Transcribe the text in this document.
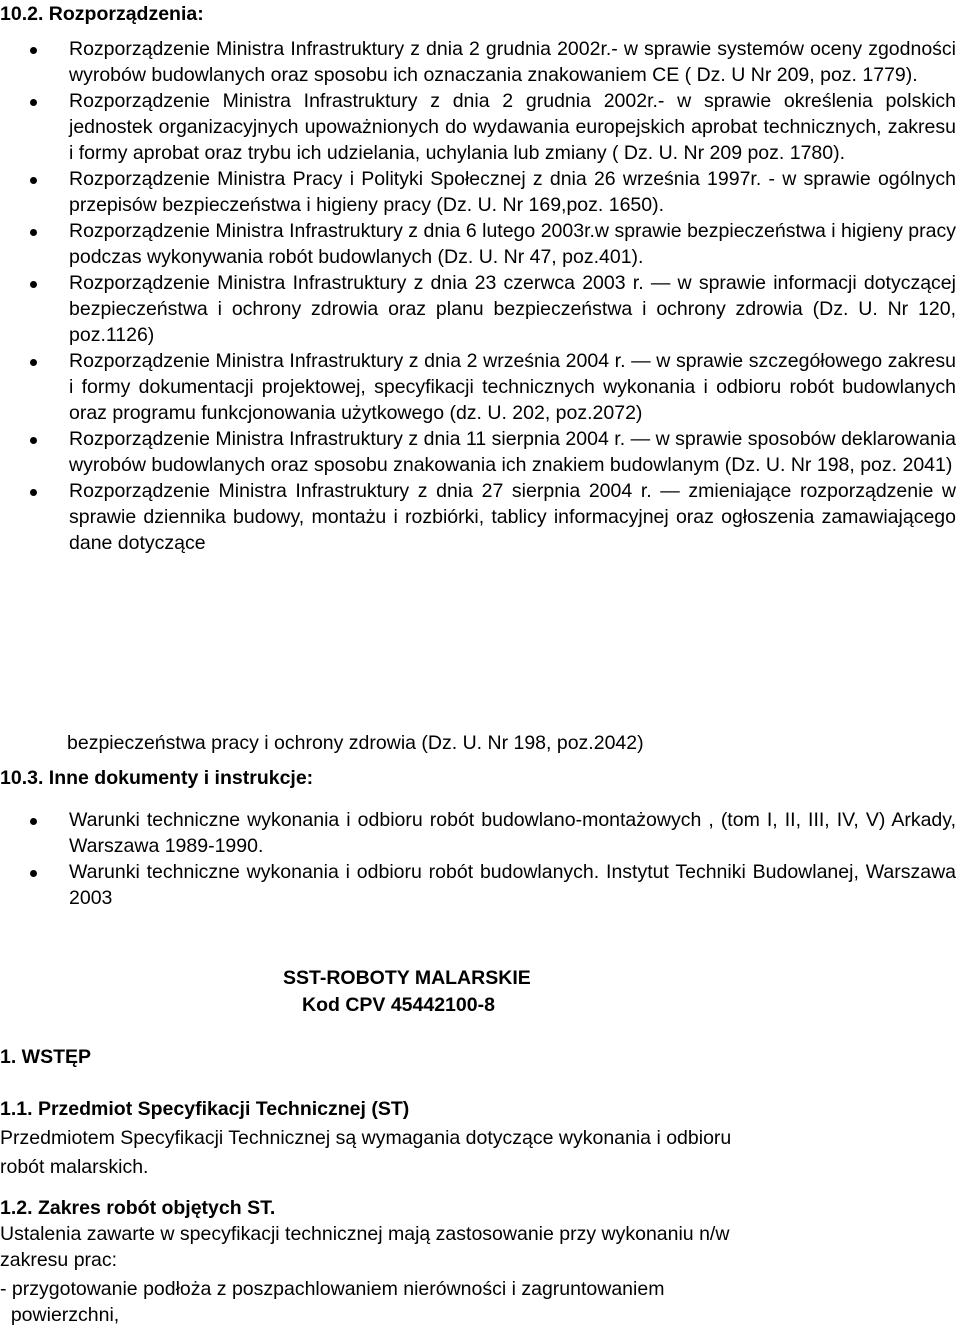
10.2. Rozporządzenia:
Rozporządzenie Ministra Infrastruktury z dnia 2 grudnia 2002r.- w sprawie systemów oceny zgodności wyrobów budowlanych oraz sposobu ich oznaczania znakowaniem CE ( Dz. U Nr 209, poz. 1779).
Rozporządzenie Ministra Infrastruktury z dnia 2 grudnia 2002r.- w sprawie określenia polskich jednostek organizacyjnych upoważnionych do wydawania europejskich aprobat technicznych, zakresu i formy aprobat oraz trybu ich udzielania, uchylania lub zmiany ( Dz. U. Nr 209 poz. 1780).
Rozporządzenie Ministra Pracy i Polityki Społecznej z dnia 26 września 1997r. - w sprawie ogólnych przepisów bezpieczeństwa i higieny pracy (Dz. U. Nr 169,poz. 1650).
Rozporządzenie Ministra Infrastruktury z dnia 6 lutego 2003r.w sprawie bezpieczeństwa i higieny pracy podczas wykonywania robót budowlanych (Dz. U. Nr 47, poz.401).
Rozporządzenie Ministra Infrastruktury z dnia 23 czerwca 2003 r. — w sprawie informacji dotyczącej bezpieczeństwa i ochrony zdrowia oraz planu bezpieczeństwa i ochrony zdrowia (Dz. U. Nr 120, poz.1126)
Rozporządzenie Ministra Infrastruktury z dnia 2 września 2004 r. — w sprawie szczegółowego zakresu i formy dokumentacji projektowej, specyfikacji technicznych wykonania i odbioru robót budowlanych oraz programu funkcjonowania użytkowego (dz. U. 202, poz.2072)
Rozporządzenie Ministra Infrastruktury z dnia 11 sierpnia 2004 r. — w sprawie sposobów deklarowania wyrobów budowlanych oraz sposobu znakowania ich znakiem budowlanym (Dz. U. Nr 198, poz. 2041)
Rozporządzenie Ministra Infrastruktury z dnia 27 sierpnia 2004 r. — zmieniające rozporządzenie w sprawie dziennika budowy, montażu i rozbiórki, tablicy informacyjnej oraz ogłoszenia zamawiającego dane dotyczące
bezpieczeństwa pracy i ochrony zdrowia (Dz. U. Nr 198, poz.2042)
10.3. Inne dokumenty i instrukcje:
Warunki techniczne wykonania i odbioru robót budowlano-montażowych , (tom I, II, III, IV, V) Arkady, Warszawa 1989-1990.
Warunki techniczne wykonania i odbioru robót budowlanych. Instytut Techniki Budowlanej, Warszawa 2003
SST-ROBOTY MALARSKIE
Kod CPV 45442100-8
1. WSTĘP
1.1. Przedmiot Specyfikacji Technicznej (ST)
Przedmiotem Specyfikacji Technicznej są wymagania dotyczące wykonania i odbioru
robót malarskich.
1.2. Zakres robót objętych ST.
Ustalenia zawarte w specyfikacji technicznej mają zastosowanie przy wykonaniu n/w
zakresu prac:
- przygotowanie podłoża z poszpachlowaniem nierówności i zagruntowaniem
powierzchni,
